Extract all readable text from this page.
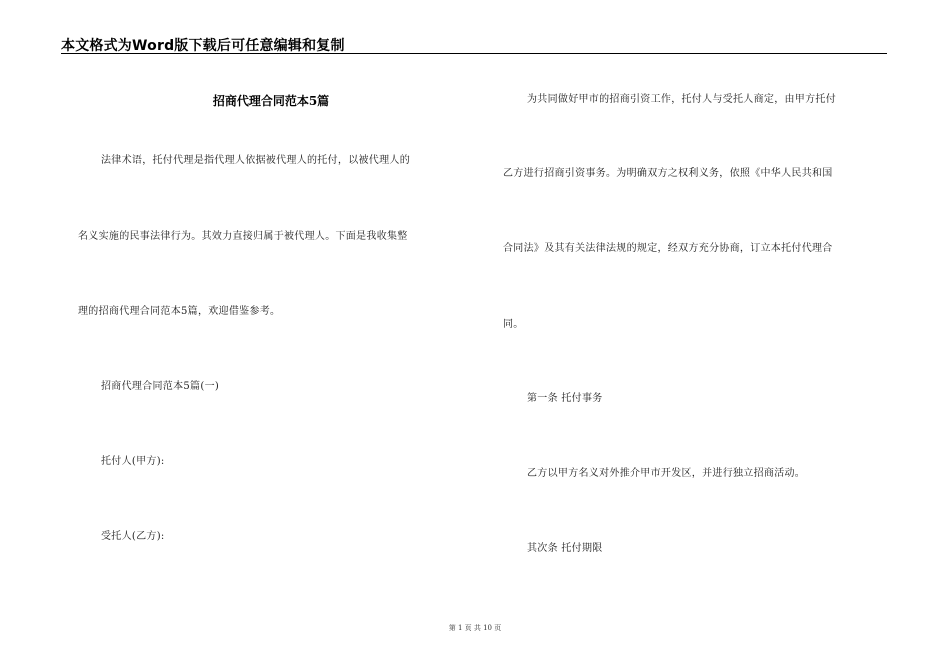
本文格式为Word版下载后可任意编辑和复制
招商代理合同范本5篇
法律术语，托付代理是指代理人依据被代理人的托付，以被代理人的
名义实施的民事法律行为。其效力直接归属于被代理人。下面是我收集整
理的招商代理合同范本5篇，欢迎借鉴参考。
招商代理合同范本5篇(一)
托付人(甲方):
受托人(乙方):
为共同做好甲市的招商引资工作，托付人与受托人商定，由甲方托付
乙方进行招商引资事务。为明确双方之权利义务，依照《中华人民共和国
合同法》及其有关法律法规的规定，经双方充分协商，订立本托付代理合
同。
第一条 托付事务
乙方以甲方名义对外推介甲市开发区，并进行独立招商活动。
其次条 托付期限
第 1 页 共 10 页
